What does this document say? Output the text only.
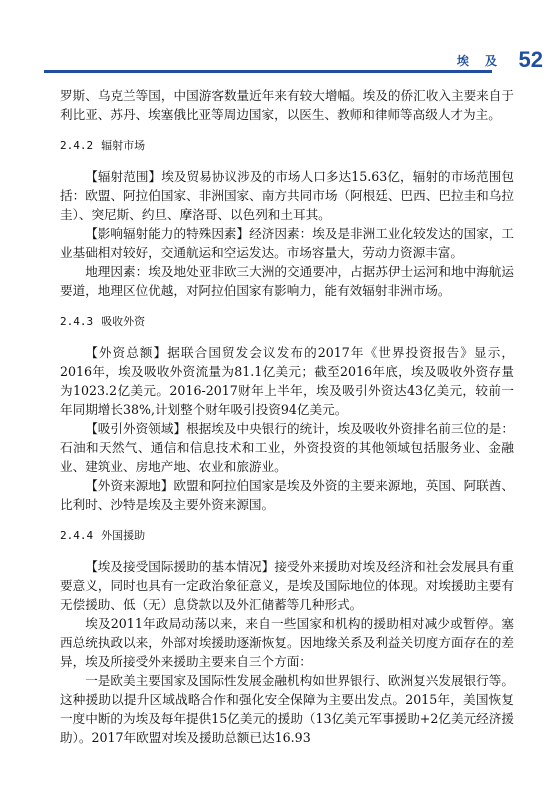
埃 及 52

罗斯、乌克兰等国，中国游客数量近年来有较大增幅。埃及的侨汇收入主要来自于利比亚、苏丹、埃塞俄比亚等周边国家，以医生、教师和律师等高级人才为主。

2.4.2 辐射市场

【辐射范围】埃及贸易协议涉及的市场人口多达15.63亿，辐射的市场范围包括：欧盟、阿拉伯国家、非洲国家、南方共同市场（阿根廷、巴西、巴拉圭和乌拉圭）、突尼斯、约旦、摩洛哥、以色列和土耳其。

【影响辐射能力的特殊因素】经济因素：埃及是非洲工业化较发达的国家，工业基础相对较好，交通航运和空运发达。市场容量大，劳动力资源丰富。

地理因素：埃及地处亚非欧三大洲的交通要冲，占据苏伊士运河和地中海航运要道，地理区位优越，对阿拉伯国家有影响力，能有效辐射非洲市场。

2.4.3 吸收外资

【外资总额】据联合国贸发会议发布的2017年《世界投资报告》显示，2016年，埃及吸收外资流量为81.1亿美元；截至2016年底，埃及吸收外资存量为1023.2亿美元。2016-2017财年上半年，埃及吸引外资达43亿美元，较前一年同期增长38%,计划整个财年吸引投资94亿美元。

【吸引外资领域】根据埃及中央银行的统计，埃及吸收外资排名前三位的是：石油和天然气、通信和信息技术和工业，外资投资的其他领域包括服务业、金融业、建筑业、房地产地、农业和旅游业。

【外资来源地】欧盟和阿拉伯国家是埃及外资的主要来源地，英国、阿联酋、比利时、沙特是埃及主要外资来源国。

2.4.4 外国援助

【埃及接受国际援助的基本情况】接受外来援助对埃及经济和社会发展具有重要意义，同时也具有一定政治象征意义，是埃及国际地位的体现。对埃援助主要有无偿援助、低（无）息贷款以及外汇储蓄等几种形式。

埃及2011年政局动荡以来，来自一些国家和机构的援助相对减少或暂停。塞西总统执政以来，外部对埃援助逐渐恢复。因地缘关系及利益关切度方面存在的差异，埃及所接受外来援助主要来自三个方面：

一是欧美主要国家及国际性发展金融机构如世界银行、欧洲复兴发展银行等。这种援助以提升区域战略合作和强化安全保障为主要出发点。2015年，美国恢复一度中断的为埃及每年提供15亿美元的援助（13亿美元军事援助+2亿美元经济援助）。2017年欧盟对埃及援助总额已达16.93
